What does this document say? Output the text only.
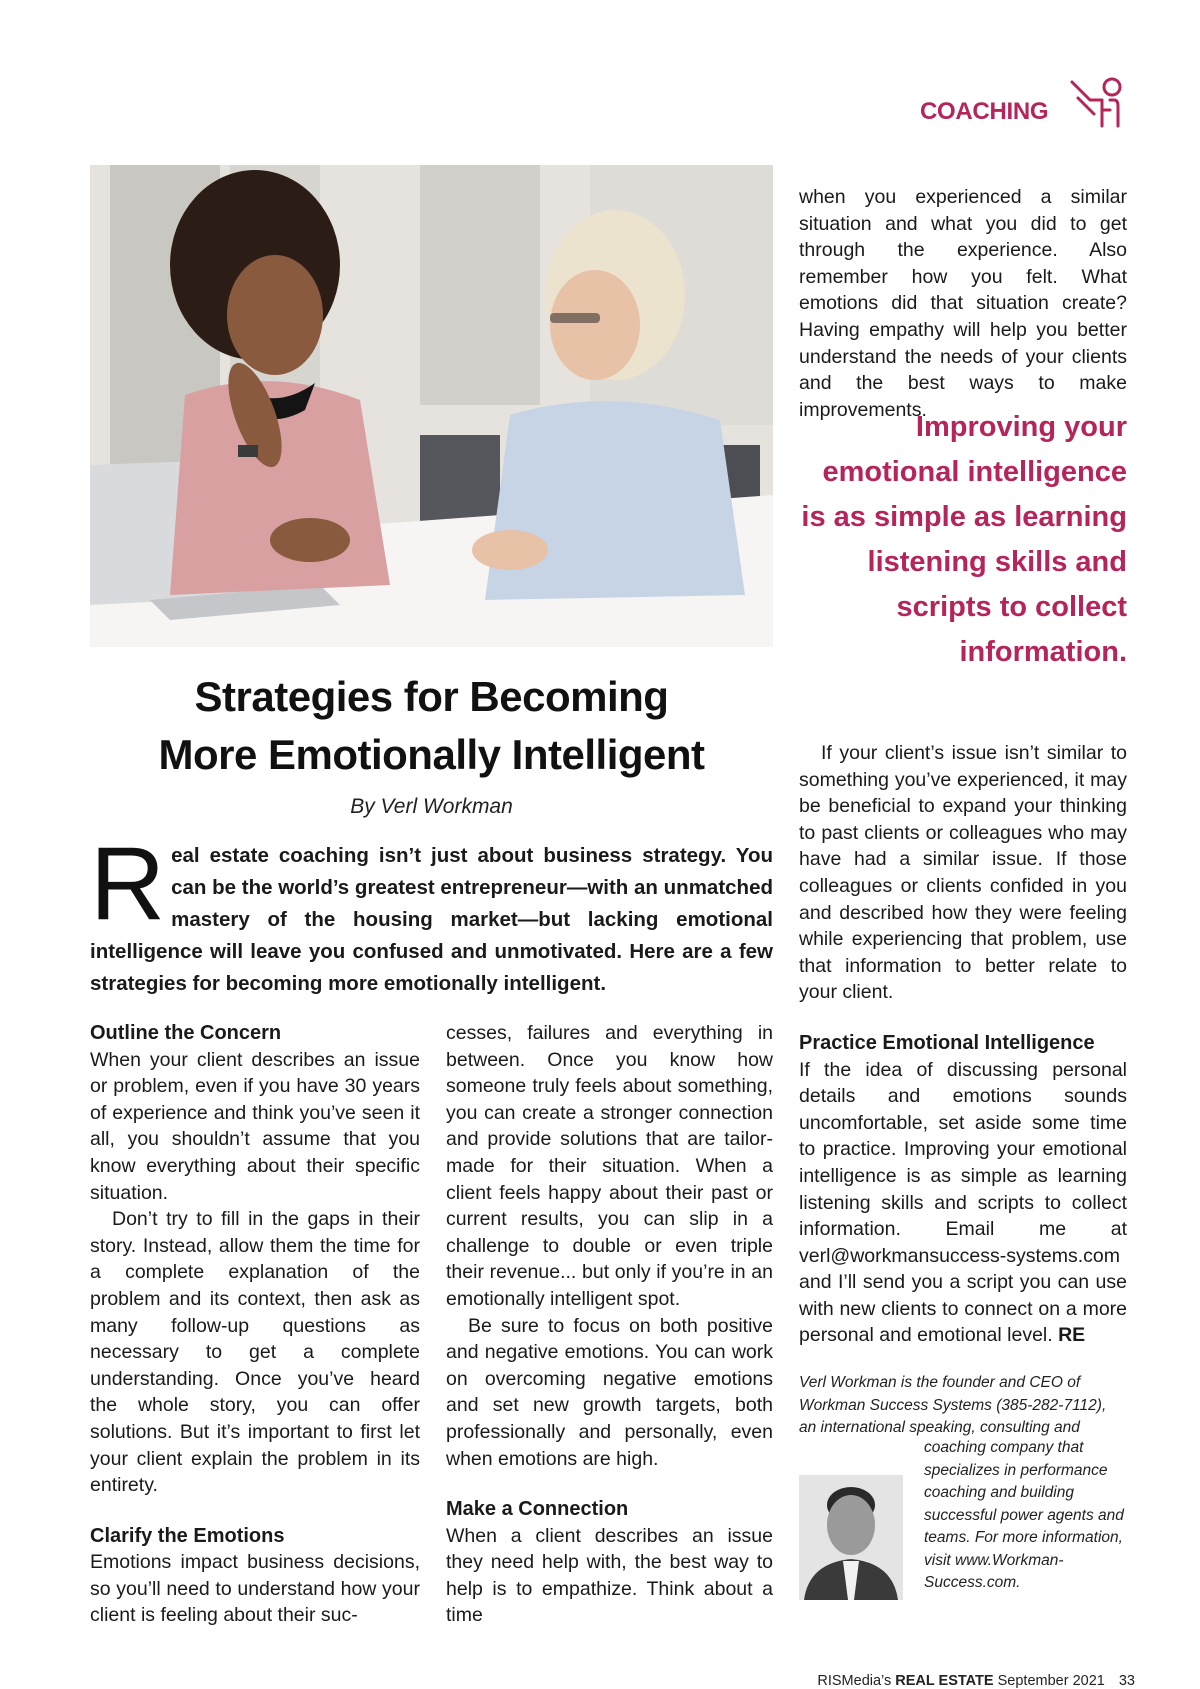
COACHING
Strategies for Becoming
More Emotionally Intelligent
By Verl Workman
Real estate coaching isn’t just about business strategy. You can be the world’s greatest entrepreneur—with an unmatched mastery of the housing market—but lacking emotional intelligence will leave you confused and unmotivated. Here are a few strategies for becoming more emotionally intelligent.

Outline the Concern

When your client describes an issue or problem, even if you have 30 years of experience and think you’ve seen it all, you shouldn’t assume that you know everything about their specific situation.

Don’t try to fill in the gaps in their story. Instead, allow them the time for a complete explanation of the problem and its context, then ask as many follow-up questions as necessary to get a complete understanding. Once you’ve heard the whole story, you can offer solutions. But it’s important to first let your client explain the problem in its entirety.

Clarify the Emotions

Emotions impact business decisions, so you’ll need to understand how your client is feeling about their suc-

cesses, failures and everything in between. Once you know how someone truly feels about something, you can create a stronger connection and provide solutions that are tailor-made for their situation. When a client feels happy about their past or current results, you can slip in a challenge to double or even triple their revenue... but only if you’re in an emotionally intelligent spot.

Be sure to focus on both positive and negative emotions. You can work on overcoming negative emotions and set new growth targets, both professionally and personally, even when emotions are high.

Make a Connection

When a client describes an issue they need help with, the best way to help is to empathize. Think about a time

when you experienced a similar situation and what you did to get through the experience. Also remember how you felt. What emotions did that situation create? Having empathy will help you better understand the needs of your clients and the best ways to make improvements.

Improving your emotional intelligence is as simple as learning listening skills and scripts to collect information.

If your client’s issue isn’t similar to something you’ve experienced, it may be beneficial to expand your thinking to past clients or colleagues who may have had a similar issue. If those colleagues or clients confided in you and described how they were feeling while experiencing that problem, use that information to better relate to your client.

Practice Emotional Intelligence

If the idea of discussing personal details and emotions sounds uncomfortable, set aside some time to practice. Improving your emotional intelligence is as simple as learning listening skills and scripts to collect information. Email me at verl@workmansuccess-systems.com and I’ll send you a script you can use with new clients to connect on a more personal and emotional level. RE

Verl Workman is the founder and CEO of Workman Success Systems (385-282-7112), an international speaking, consulting and
coaching company that specializes in performance coaching and building successful power agents and teams. For more information, visit www.Workman-Success.com.
RISMedia’s REAL ESTATE September 2021 33
